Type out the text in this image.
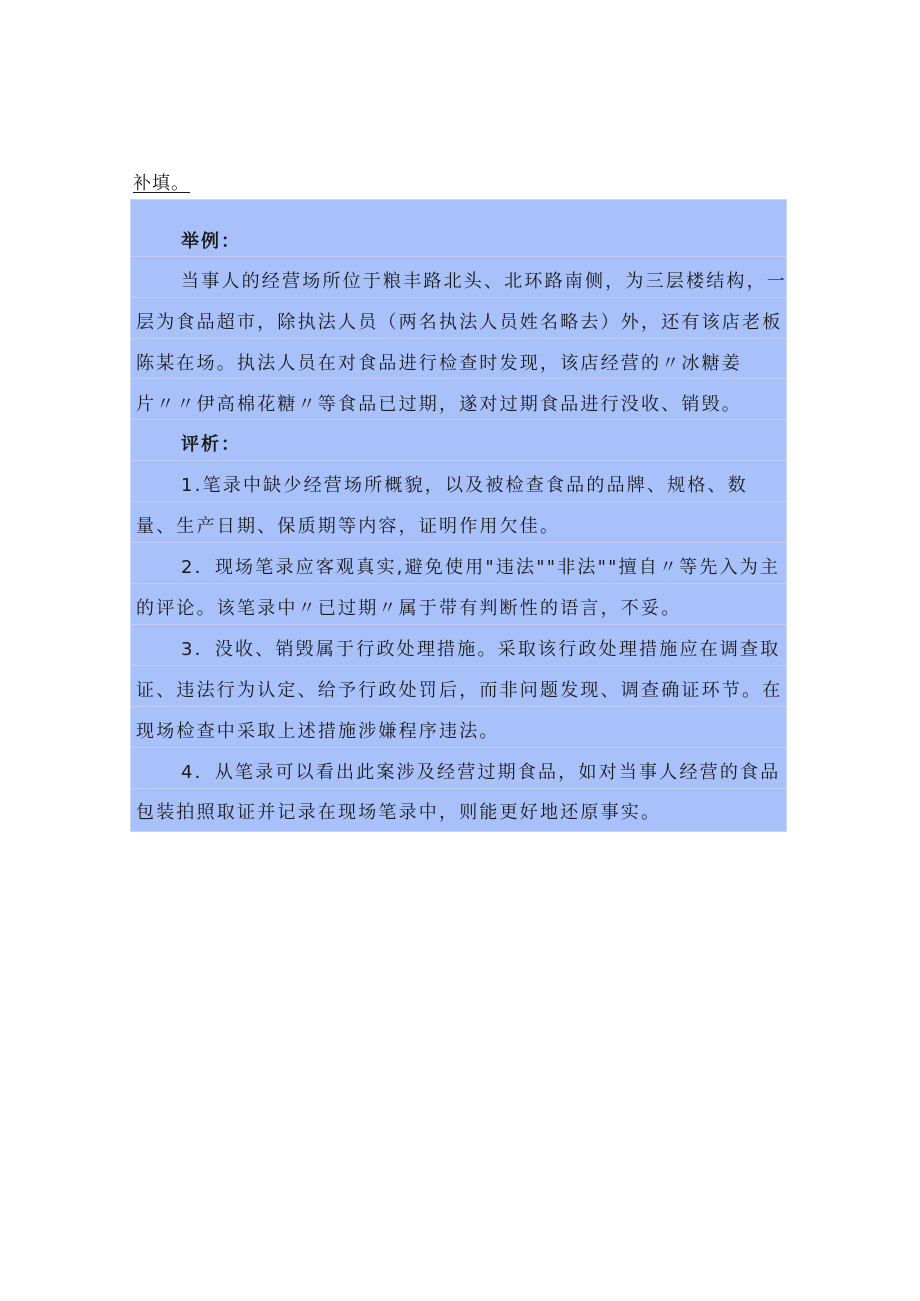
补填。
举例：
当事人的经营场所位于粮丰路北头、北环路南侧，为三层楼结构，一
层为食品超市，除执法人员（两名执法人员姓名略去）外，还有该店老板
陈某在场。执法人员在对食品进行检查时发现，该店经营的〃冰糖姜
片〃〃伊高棉花糖〃等食品已过期，遂对过期食品进行没收、销毁。
评析：
1.笔录中缺少经营场所概貌，以及被检查食品的品牌、规格、数
量、生产日期、保质期等内容，证明作用欠佳。
2．现场笔录应客观真实,避免使用"违法""非法""擅自〃等先入为主
的评论。该笔录中〃已过期〃属于带有判断性的语言，不妥。
3．没收、销毁属于行政处理措施。采取该行政处理措施应在调查取
证、违法行为认定、给予行政处罚后，而非问题发现、调查确证环节。在
现场检查中采取上述措施涉嫌程序违法。
4．从笔录可以看出此案涉及经营过期食品，如对当事人经营的食品
包装拍照取证并记录在现场笔录中，则能更好地还原事实。
